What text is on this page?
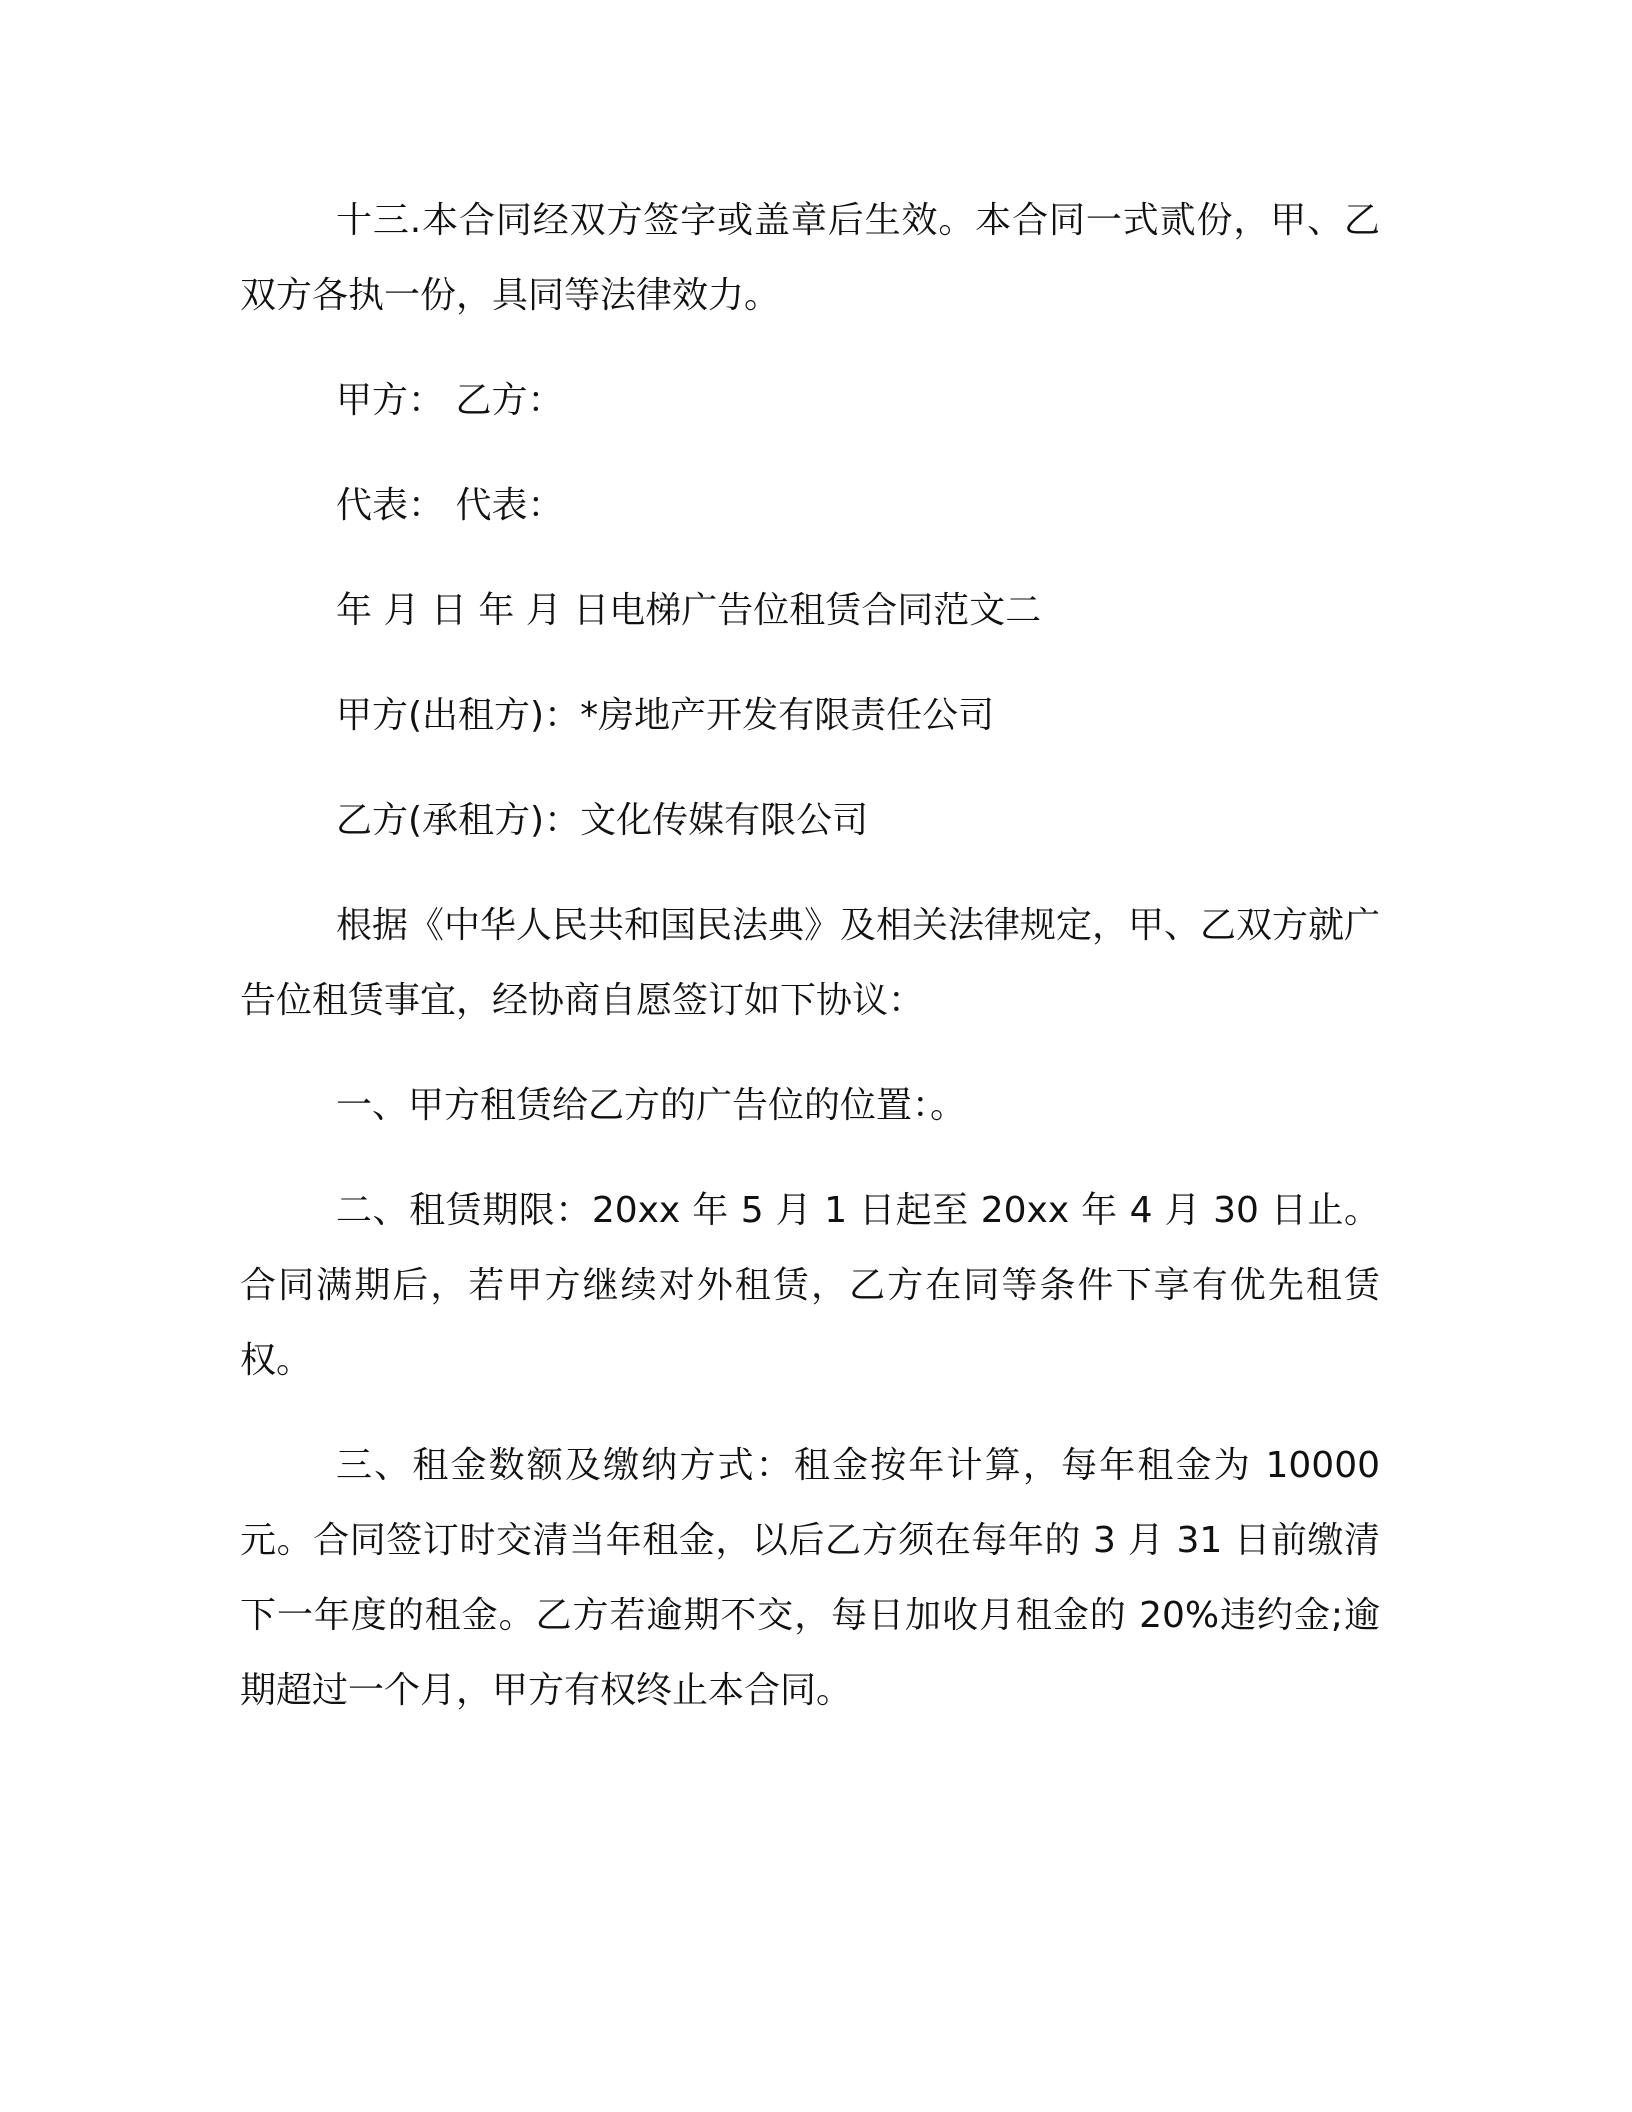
十三.本合同经双方签字或盖章后生效。本合同一式贰份，甲、乙双方各执一份，具同等法律效力。

甲方： 乙方：

代表： 代表：

年 月 日 年 月 日电梯广告位租赁合同范文二

甲方(出租方)：*房地产开发有限责任公司

乙方(承租方)：文化传媒有限公司

根据《中华人民共和国民法典》及相关法律规定，甲、乙双方就广告位租赁事宜，经协商自愿签订如下协议：

一、甲方租赁给乙方的广告位的位置：。

二、租赁期限：20xx 年 5 月 1 日起至 20xx 年 4 月 30 日止。合同满期后，若甲方继续对外租赁，乙方在同等条件下享有优先租赁权。

三、租金数额及缴纳方式：租金按年计算，每年租金为 10000 元。合同签订时交清当年租金，以后乙方须在每年的 3 月 31 日前缴清下一年度的租金。乙方若逾期不交，每日加收月租金的 20%违约金;逾期超过一个月，甲方有权终止本合同。
